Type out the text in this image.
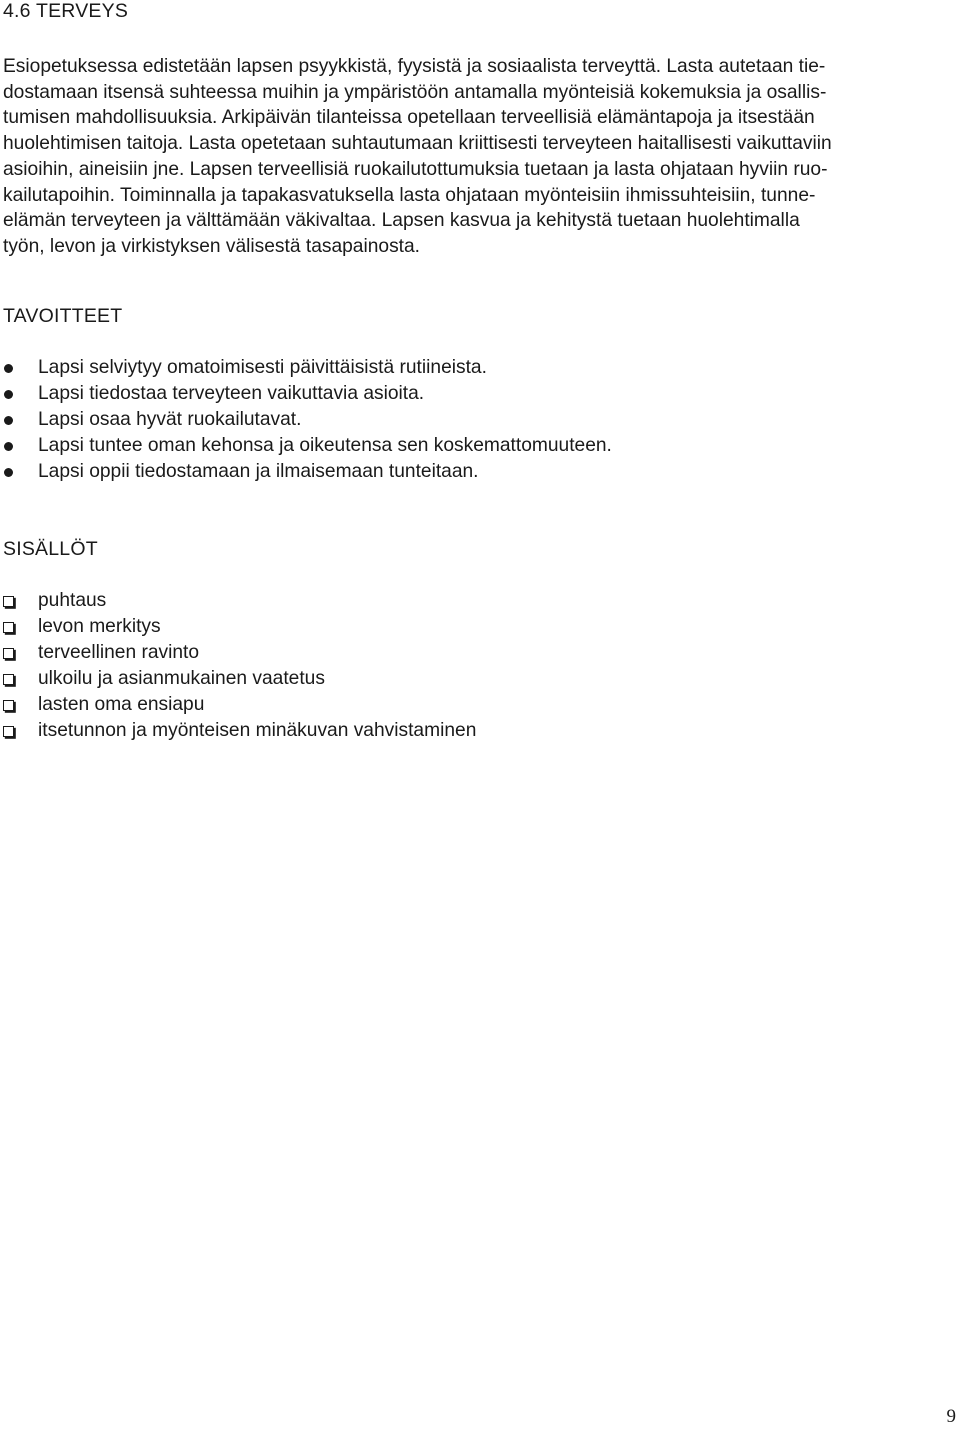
4.6 TERVEYS
Esiopetuksessa edistetään lapsen psyykkistä, fyysistä ja sosiaalista terveyttä. Lasta autetaan tie-
dostamaan itsensä suhteessa muihin ja ympäristöön antamalla myönteisiä kokemuksia ja osallis-
tumisen mahdollisuuksia. Arkipäivän tilanteissa opetellaan terveellisiä elämäntapoja ja itsestään
huolehtimisen taitoja. Lasta opetetaan suhtautumaan kriittisesti terveyteen haitallisesti vaikuttaviin
asioihin, aineisiin jne. Lapsen terveellisiä ruokailutottumuksia tuetaan ja lasta ohjataan hyviin ruo-
kailutapoihin. Toiminnalla ja tapakasvatuksella lasta ohjataan myönteisiin ihmissuhteisiin, tunne-
elämän terveyteen ja välttämään väkivaltaa. Lapsen kasvua ja kehitystä tuetaan huolehtimalla
työn, levon ja virkistyksen välisestä tasapainosta.
TAVOITTEET
Lapsi selviytyy omatoimisesti päivittäisistä rutiineista.
Lapsi tiedostaa terveyteen vaikuttavia asioita.
Lapsi osaa hyvät ruokailutavat.
Lapsi tuntee oman kehonsa ja oikeutensa sen koskemattomuuteen.
Lapsi oppii tiedostamaan ja ilmaisemaan tunteitaan.
SISÄLLÖT
puhtaus
levon merkitys
terveellinen ravinto
ulkoilu ja asianmukainen vaatetus
lasten oma ensiapu
itsetunnon ja myönteisen minäkuvan vahvistaminen
9
